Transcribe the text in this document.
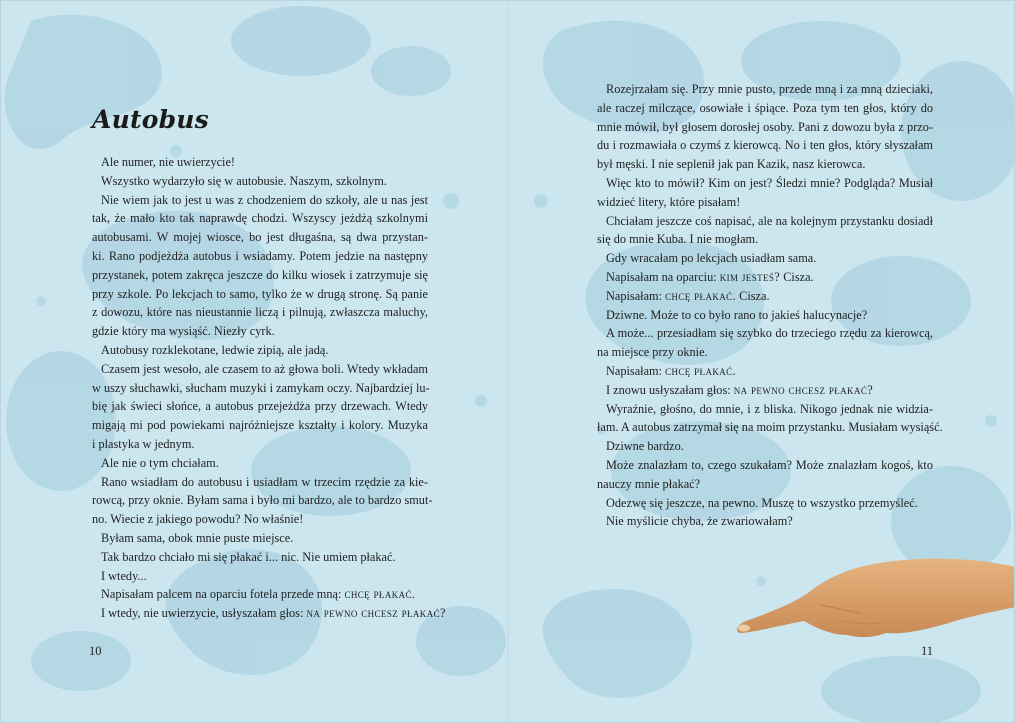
Autobus
Ale numer, nie uwierzycie!
Wszystko wydarzyło się w autobusie. Naszym, szkolnym.
Nie wiem jak to jest u was z chodzeniem do szkoły, ale u nas jest
tak, że mało kto tak naprawdę chodzi. Wszyscy jeżdżą szkolnymi
autobusami. W mojej wiosce, bo jest długaśna, są dwa przystan-
ki. Rano podjeżdża autobus i wsiadamy. Potem jedzie na następny
przystanek, potem zakręca jeszcze do kilku wiosek i zatrzymuje się
przy szkole. Po lekcjach to samo, tylko że w drugą stronę. Są panie
z dowozu, które nas nieustannie liczą i pilnują, zwłaszcza maluchy,
gdzie który ma wysiąść. Niezły cyrk.
Autobusy rozklekotane, ledwie zipią, ale jadą.
Czasem jest wesoło, ale czasem to aż głowa boli. Wtedy wkładam
w uszy słuchawki, słucham muzyki i zamykam oczy. Najbardziej lu-
bię jak świeci słońce, a autobus przejeżdża przy drzewach. Wtedy
migają mi pod powiekami najróżniejsze kształty i kolory. Muzyka
i plastyka w jednym.
Ale nie o tym chciałam.
Rano wsiadłam do autobusu i usiadłam w trzecim rzędzie za kie-
rowcą, przy oknie. Byłam sama i było mi bardzo, ale to bardzo smut-
no. Wiecie z jakiego powodu? No właśnie!
Byłam sama, obok mnie puste miejsce.
Tak bardzo chciało mi się płakać i... nic. Nie umiem płakać.
I wtedy...
Napisałam palcem na oparciu fotela przede mną: chcę płakać.
I wtedy, nie uwierzycie, usłyszałam głos: na pewno chcesz płakać?
10
Rozejrzałam się. Przy mnie pusto, przede mną i za mną dzieciaki,
ale raczej milczące, osowiałe i śpiące. Poza tym ten głos, który do
mnie mówił, był głosem dorosłej osoby. Pani z dowozu była z przo-
du i rozmawiała o czymś z kierowcą. No i ten głos, który słyszałam
był męski. I nie seplenił jak pan Kazik, nasz kierowca.
Więc kto to mówił? Kim on jest? Śledzi mnie? Podgląda? Musiał
widzieć litery, które pisałam!
Chciałam jeszcze coś napisać, ale na kolejnym przystanku dosiadł
się do mnie Kuba. I nie mogłam.
Gdy wracałam po lekcjach usiadłam sama.
Napisałam na oparciu: kim jesteś? Cisza.
Napisałam: chcę płakać. Cisza.
Dziwne. Może to co było rano to jakieś halucynacje?
A może... przesiadłam się szybko do trzeciego rzędu za kierowcą,
na miejsce przy oknie.
Napisałam: chcę płakać.
I znowu usłyszałam głos: na pewno chcesz płakać?
Wyraźnie, głośno, do mnie, i z bliska. Nikogo jednak nie widzia-
łam. A autobus zatrzymał się na moim przystanku. Musiałam wysiąść.
Dziwne bardzo.
Może znalazłam to, czego szukałam? Może znalazłam kogoś, kto
nauczy mnie płakać?
Odezwę się jeszcze, na pewno. Muszę to wszystko przemyśleć.
Nie myślicie chyba, że zwariowałam?
11
